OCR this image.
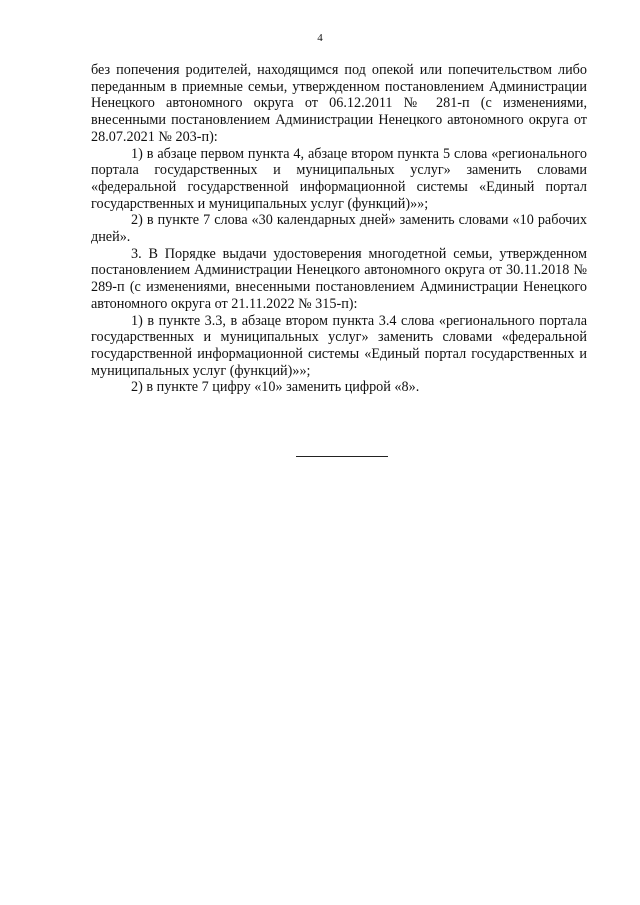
4

без попечения родителей, находящимся под опекой или попечительством либо переданным в приемные семьи, утвержденном постановлением Администрации Ненецкого автономного округа от 06.12.2011 № 281-п (с изменениями, внесенными постановлением Администрации Ненецкого автономного округа от 28.07.2021 № 203-п):

1) в абзаце первом пункта 4, абзаце втором пункта 5 слова «регионального портала государственных и муниципальных услуг» заменить словами «федеральной государственной информационной системы «Единый портал государственных и муниципальных услуг (функций)»»;

2) в пункте 7 слова «30 календарных дней» заменить словами «10 рабочих дней».

3. В Порядке выдачи удостоверения многодетной семьи, утвержденном постановлением Администрации Ненецкого автономного округа от 30.11.2018 № 289-п (с изменениями, внесенными постановлением Администрации Ненецкого автономного округа от 21.11.2022 № 315-п):

1) в пункте 3.3, в абзаце втором пункта 3.4 слова «регионального портала государственных и муниципальных услуг» заменить словами «федеральной государственной информационной системы «Единый портал государственных и муниципальных услуг (функций)»»;

2) в пункте 7 цифру «10» заменить цифрой «8».
